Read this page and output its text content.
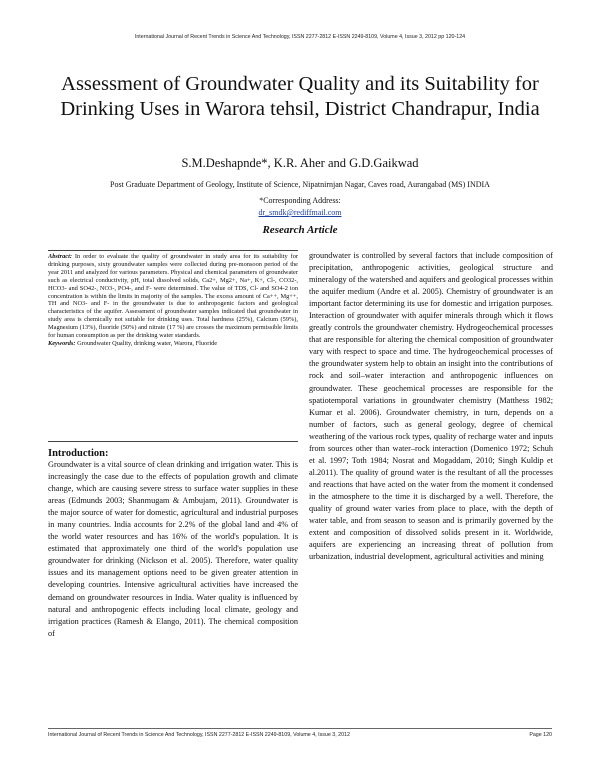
International Journal of Recent Trends in Science And Technology, ISSN 2277-2812 E-ISSN 2249-8109, Volume 4, Issue 3, 2012 pp 120-124
Assessment of Groundwater Quality and its Suitability for Drinking Uses in Warora tehsil, District Chandrapur, India
S.M.Deshapnde*, K.R. Aher and G.D.Gaikwad
Post Graduate Department of Geology, Institute of Science, Nipatnirnjan Nagar, Caves road, Aurangabad (MS) INDIA
*Corresponding Address:
dr_smdk@rediffmail.com
Research Article
Abstract: In order to evaluate the quality of groundwater in study area for its suitability for drinking purposes, sixty groundwater samples were collected during pre-monsoon period of the year 2011 and analyzed for various parameters. Physical and chemical parameters of groundwater such as electrical conductivity, pH, total dissolved solids, Ca2+, Mg2+, Na+, K+, Cl-, CO32-, HCO3- and SO42-, NO3-, PO4-, and F- were determined. The value of TDS, Cl- and SO4-2 ion concentration is within the limits in majority of the samples. The excess amount of Ca++, Mg++, TH and NO3- and F- in the groundwater is due to anthropogenic factors and geological characteristics of the aquifer. Assessment of groundwater samples indicated that groundwater in study area is chemically not suitable for drinking uses. Total hardness (25%), Calcium (59%), Magnesium (13%), fluoride (50%) and nitrate (17 %) are crosses the maximum permissible limits for human consumption as per the drinking water standards.
Keywords: Groundwater Quality, drinking water, Warora, Fluoride
Introduction:
Groundwater is a vital source of clean drinking and irrigation water. This is increasingly the case due to the effects of population growth and climate change, which are causing severe stress to surface water supplies in these areas (Edmunds 2003; Shanmugam & Ambujam, 2011). Groundwater is the major source of water for domestic, agricultural and industrial purposes in many countries. India accounts for 2.2% of the global land and 4% of the world water resources and has 16% of the world's population. It is estimated that approximately one third of the world's population use groundwater for drinking (Nickson et al. 2005). Therefore, water quality issues and its management options need to be given greater attention in developing countries. Intensive agricultural activities have increased the demand on groundwater resources in India. Water quality is influenced by natural and anthropogenic effects including local climate, geology and irrigation practices (Ramesh & Elango, 2011). The chemical composition of
groundwater is controlled by several factors that include composition of precipitation, anthropogenic activities, geological structure and mineralogy of the watershed and aquifers and geological processes within the aquifer medium (Andre et al. 2005). Chemistry of groundwater is an important factor determining its use for domestic and irrigation purposes. Interaction of groundwater with aquifer minerals through which it flows greatly controls the groundwater chemistry. Hydrogeochemical processes that are responsible for altering the chemical composition of groundwater vary with respect to space and time. The hydrogeochemical processes of the groundwater system help to obtain an insight into the contributions of rock and soil–water interaction and anthropogenic influences on groundwater. These geochemical processes are responsible for the spatiotemporal variations in groundwater chemistry (Matthess 1982; Kumar et al. 2006). Groundwater chemistry, in turn, depends on a number of factors, such as general geology, degree of chemical weathering of the various rock types, quality of recharge water and inputs from sources other than water–rock interaction (Domenico 1972; Schuh et al. 1997; Toth 1984; Nosrat and Mogaddam, 2010; Singh Kuldip et al.2011). The quality of ground water is the resultant of all the processes and reactions that have acted on the water from the moment it condensed in the atmosphere to the time it is discharged by a well. Therefore, the quality of ground water varies from place to place, with the depth of water table, and from season to season and is primarily governed by the extent and composition of dissolved solids present in it. Worldwide, aquifers are experiencing an increasing threat of pollution from urbanization, industrial development, agricultural activities and mining
International Journal of Recent Trends in Science And Technology, ISSN 2277-2812 E-ISSN 2249-8109, Volume 4, Issue 3, 2012	Page 120
